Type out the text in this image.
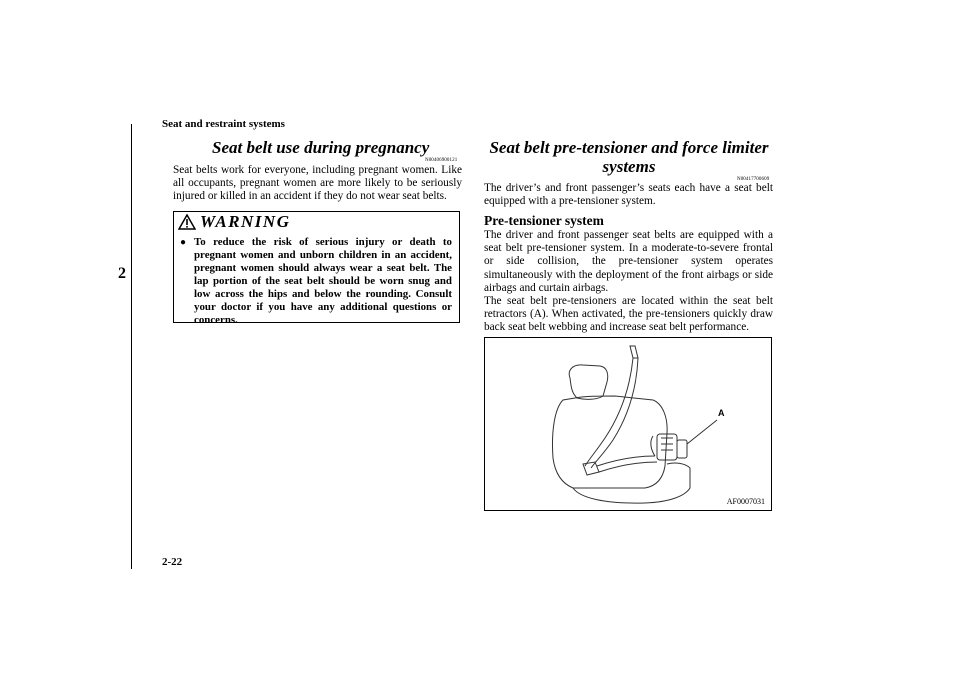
Seat and restraint systems
2
2-22
Seat belt use during pregnancy
N00406900121
Seat belts work for everyone, including pregnant women. Like all occupants, pregnant women are more likely to be seriously injured or killed in an accident if they do not wear seat belts.
WARNING
● To reduce the risk of serious injury or death to pregnant women and unborn children in an accident, pregnant women should always wear a seat belt. The lap portion of the seat belt should be worn snug and low across the hips and below the rounding. Consult your doctor if you have any additional questions or concerns.
Seat belt pre-tensioner and force limiter systems
N00417700609
The driver’s and front passenger’s seats each have a seat belt equipped with a pre-tensioner system.
Pre-tensioner system
The driver and front passenger seat belts are equipped with a seat belt pre-tensioner system. In a moderate-to-severe frontal or side collision, the pre-tensioner system operates simultaneously with the deployment of the front airbags or side airbags and curtain airbags.
The seat belt pre-tensioners are located within the seat belt retractors (A). When activated, the pre-tensioners quickly draw back seat belt webbing and increase seat belt performance.
A
AF0007031
